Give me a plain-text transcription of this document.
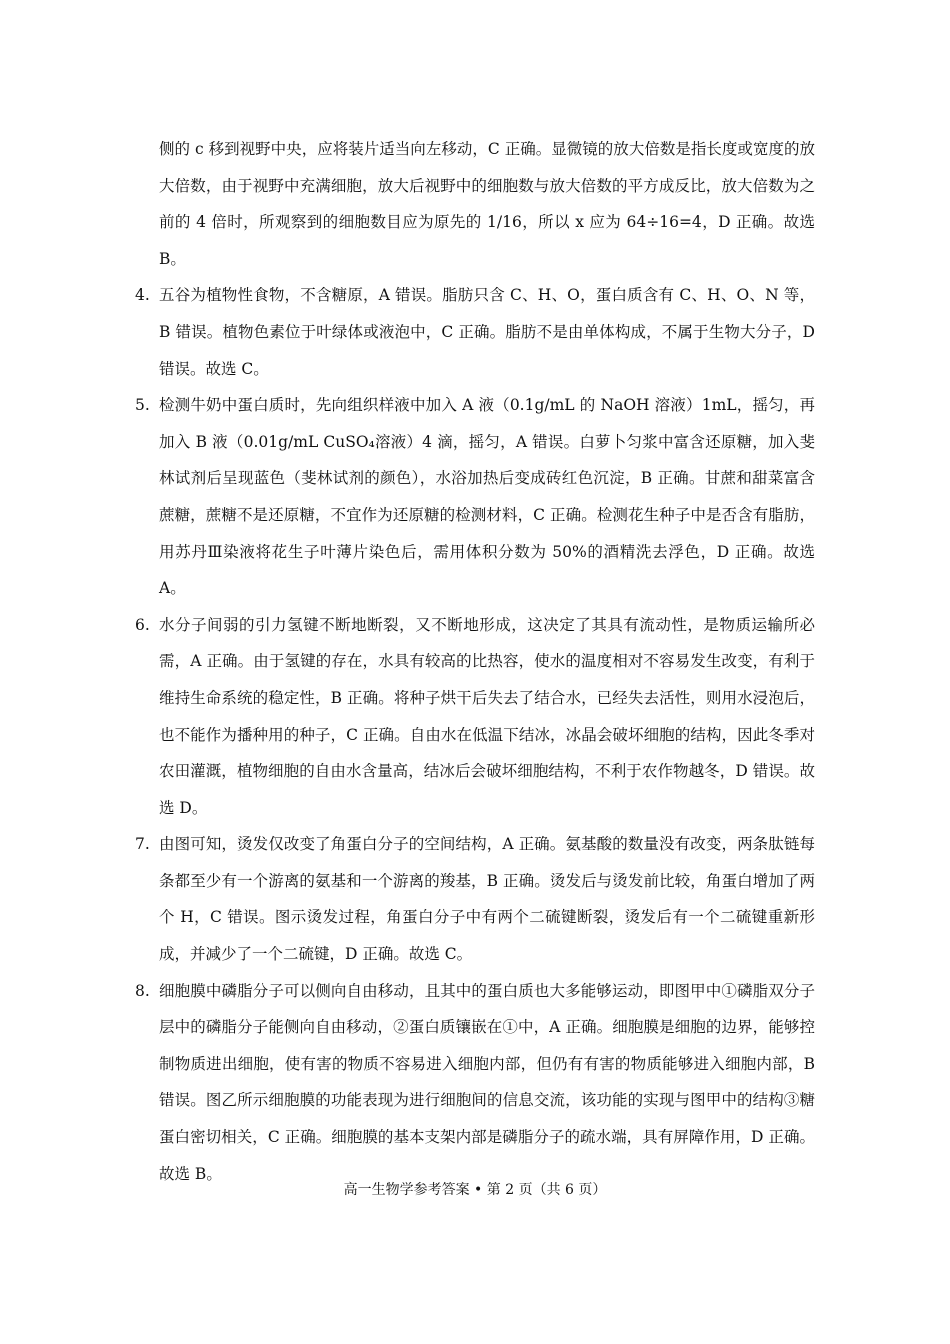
侧的 c 移到视野中央，应将装片适当向左移动，C 正确。显微镜的放大倍数是指长度或宽度的放大倍数，由于视野中充满细胞，放大后视野中的细胞数与放大倍数的平方成反比，放大倍数为之前的 4 倍时，所观察到的细胞数目应为原先的 1/16，所以 x 应为 64÷16=4，D 正确。故选 B。

4. 五谷为植物性食物，不含糖原，A 错误。脂肪只含 C、H、O，蛋白质含有 C、H、O、N 等，B 错误。植物色素位于叶绿体或液泡中，C 正确。脂肪不是由单体构成，不属于生物大分子，D 错误。故选 C。
5. 检测牛奶中蛋白质时，先向组织样液中加入 A 液（0.1g/mL 的 NaOH 溶液）1mL，摇匀，再加入 B 液（0.01g/mL CuSO₄溶液）4 滴，摇匀，A 错误。白萝卜匀浆中富含还原糖，加入斐林试剂后呈现蓝色（斐林试剂的颜色），水浴加热后变成砖红色沉淀，B 正确。甘蔗和甜菜富含蔗糖，蔗糖不是还原糖，不宜作为还原糖的检测材料，C 正确。检测花生种子中是否含有脂肪，用苏丹Ⅲ染液将花生子叶薄片染色后，需用体积分数为 50%的酒精洗去浮色，D 正确。故选 A。
6. 水分子间弱的引力氢键不断地断裂，又不断地形成，这决定了其具有流动性，是物质运输所必需，A 正确。由于氢键的存在，水具有较高的比热容，使水的温度相对不容易发生改变，有利于维持生命系统的稳定性，B 正确。将种子烘干后失去了结合水，已经失去活性，则用水浸泡后，也不能作为播种用的种子，C 正确。自由水在低温下结冰，冰晶会破坏细胞的结构，因此冬季对农田灌溉，植物细胞的自由水含量高，结冰后会破坏细胞结构，不利于农作物越冬，D 错误。故选 D。
7. 由图可知，烫发仅改变了角蛋白分子的空间结构，A 正确。氨基酸的数量没有改变，两条肽链每条都至少有一个游离的氨基和一个游离的羧基，B 正确。烫发后与烫发前比较，角蛋白增加了两个 H，C 错误。图示烫发过程，角蛋白分子中有两个二硫键断裂，烫发后有一个二硫键重新形成，并减少了一个二硫键，D 正确。故选 C。
8. 细胞膜中磷脂分子可以侧向自由移动，且其中的蛋白质也大多能够运动，即图甲中①磷脂双分子层中的磷脂分子能侧向自由移动，②蛋白质镶嵌在①中，A 正确。细胞膜是细胞的边界，能够控制物质进出细胞，使有害的物质不容易进入细胞内部，但仍有有害的物质能够进入细胞内部，B 错误。图乙所示细胞膜的功能表现为进行细胞间的信息交流，该功能的实现与图甲中的结构③糖蛋白密切相关，C 正确。细胞膜的基本支架内部是磷脂分子的疏水端，具有屏障作用，D 正确。故选 B。
高一生物学参考答案 • 第 2 页（共 6 页）
